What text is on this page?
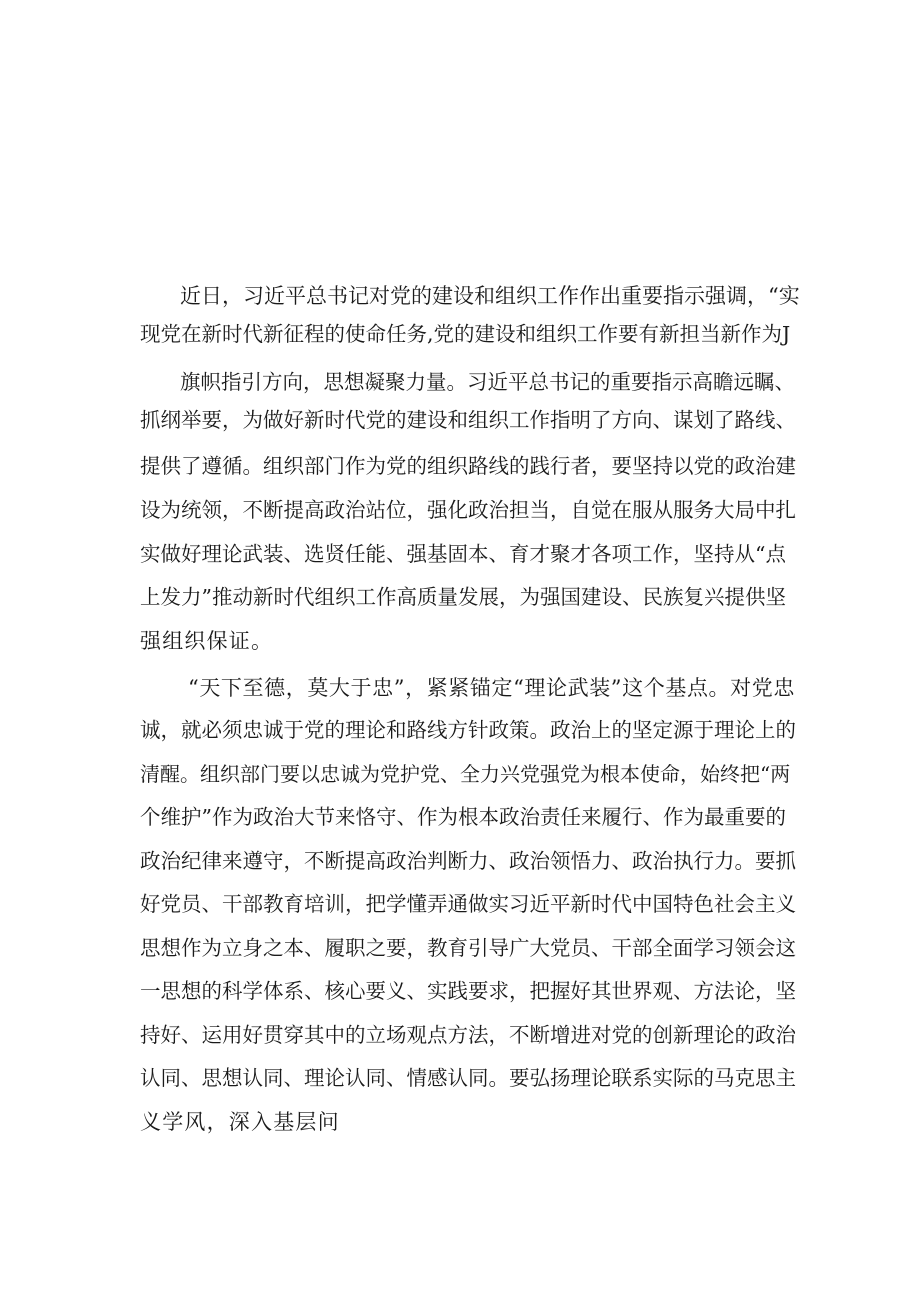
近日，习近平总书记对党的建设和组织工作作出重要指示强调，“实
现党在新时代新征程的使命任务,党的建设和组织工作要有新担当新作为J
旗帜指引方向，思想凝聚力量。习近平总书记的重要指示高瞻远瞩、
抓纲举要，为做好新时代党的建设和组织工作指明了方向、谋划了路线、
提供了遵循。组织部门作为党的组织路线的践行者，要坚持以党的政治建
设为统领，不断提高政治站位，强化政治担当，自觉在服从服务大局中扎
实做好理论武装、选贤任能、强基固本、育才聚才各项工作，坚持从“点
上发力”推动新时代组织工作高质量发展，为强国建设、民族复兴提供坚
强组织保证。
“天下至德，莫大于忠”，紧紧锚定“理论武装”这个基点。对党忠
诚，就必须忠诚于党的理论和路线方针政策。政治上的坚定源于理论上的
清醒。组织部门要以忠诚为党护党、全力兴党强党为根本使命，始终把“两
个维护”作为政治大节来恪守、作为根本政治责任来履行、作为最重要的
政治纪律来遵守，不断提高政治判断力、政治领悟力、政治执行力。要抓
好党员、干部教育培训，把学懂弄通做实习近平新时代中国特色社会主义
思想作为立身之本、履职之要，教育引导广大党员、干部全面学习领会这
一思想的科学体系、核心要义、实践要求，把握好其世界观、方法论，坚
持好、运用好贯穿其中的立场观点方法，不断增进对党的创新理论的政治
认同、思想认同、理论认同、情感认同。要弘扬理论联系实际的马克思主
义学风，深入基层问
